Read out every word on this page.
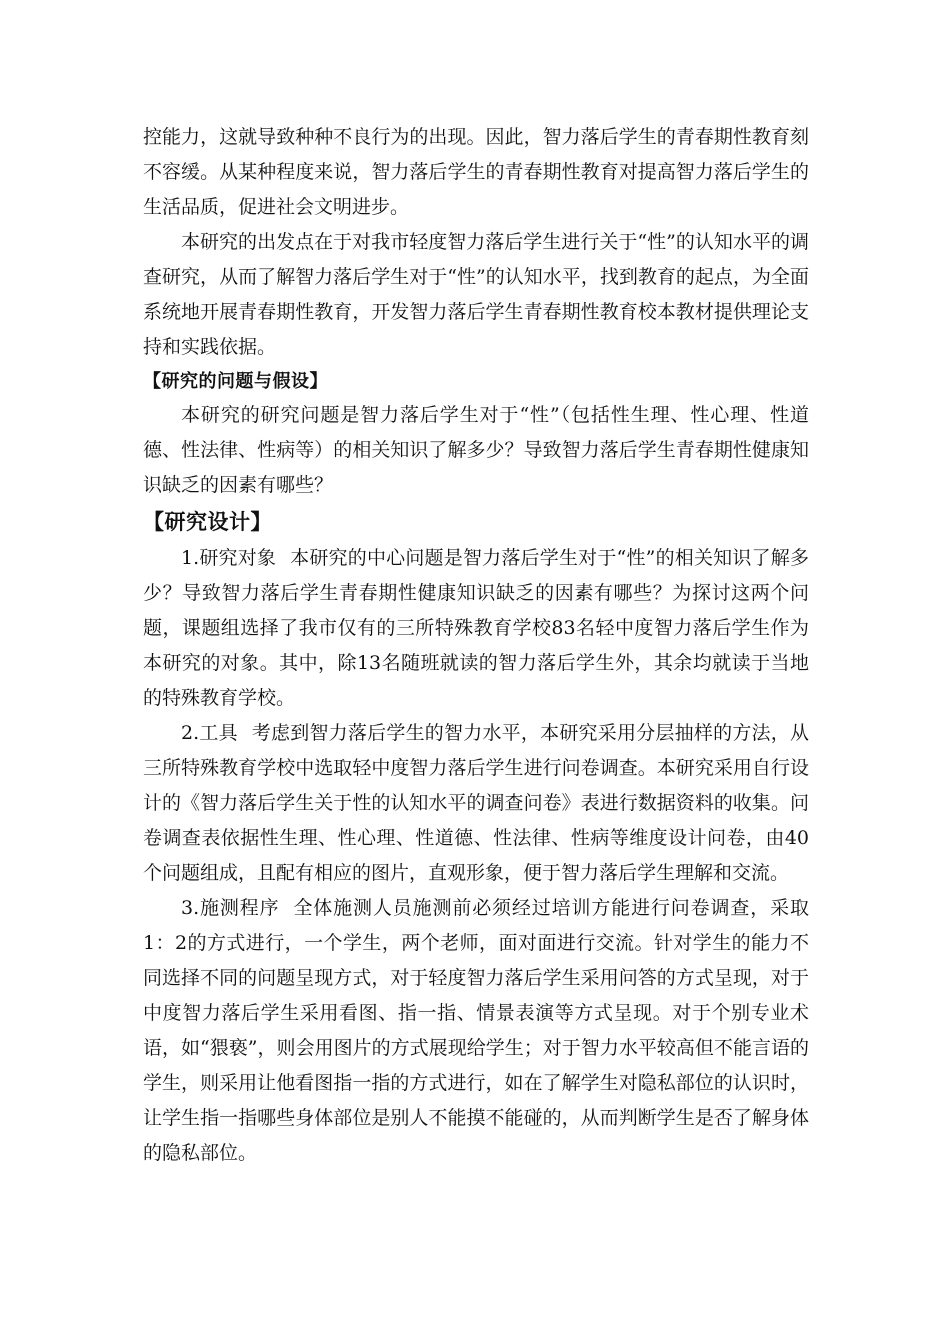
控能力，这就导致种种不良行为的出现。因此，智力落后学生的青春期性教育刻不容缓。从某种程度来说，智力落后学生的青春期性教育对提高智力落后学生的生活品质，促进社会文明进步。

本研究的出发点在于对我市轻度智力落后学生进行关于“性”的认知水平的调查研究，从而了解智力落后学生对于“性”的认知水平，找到教育的起点，为全面系统地开展青春期性教育，开发智力落后学生青春期性教育校本教材提供理论支持和实践依据。

【研究的问题与假设】

本研究的研究问题是智力落后学生对于“性”（包括性生理、性心理、性道德、性法律、性病等）的相关知识了解多少？导致智力落后学生青春期性健康知识缺乏的因素有哪些？

【研究设计】

1.研究对象 本研究的中心问题是智力落后学生对于“性”的相关知识了解多少？导致智力落后学生青春期性健康知识缺乏的因素有哪些？为探讨这两个问题，课题组选择了我市仅有的三所特殊教育学校83名轻中度智力落后学生作为本研究的对象。其中，除13名随班就读的智力落后学生外，其余均就读于当地的特殊教育学校。

2.工具 考虑到智力落后学生的智力水平，本研究采用分层抽样的方法，从三所特殊教育学校中选取轻中度智力落后学生进行问卷调查。本研究采用自行设计的《智力落后学生关于性的认知水平的调查问卷》表进行数据资料的收集。问卷调查表依据性生理、性心理、性道德、性法律、性病等维度设计问卷，由40个问题组成，且配有相应的图片，直观形象，便于智力落后学生理解和交流。

3.施测程序 全体施测人员施测前必须经过培训方能进行问卷调查，采取1：2的方式进行，一个学生，两个老师，面对面进行交流。针对学生的能力不同选择不同的问题呈现方式，对于轻度智力落后学生采用问答的方式呈现，对于中度智力落后学生采用看图、指一指、情景表演等方式呈现。对于个别专业术语，如“猥亵”，则会用图片的方式展现给学生；对于智力水平较高但不能言语的学生，则采用让他看图指一指的方式进行，如在了解学生对隐私部位的认识时，让学生指一指哪些身体部位是别人不能摸不能碰的，从而判断学生是否了解身体的隐私部位。
